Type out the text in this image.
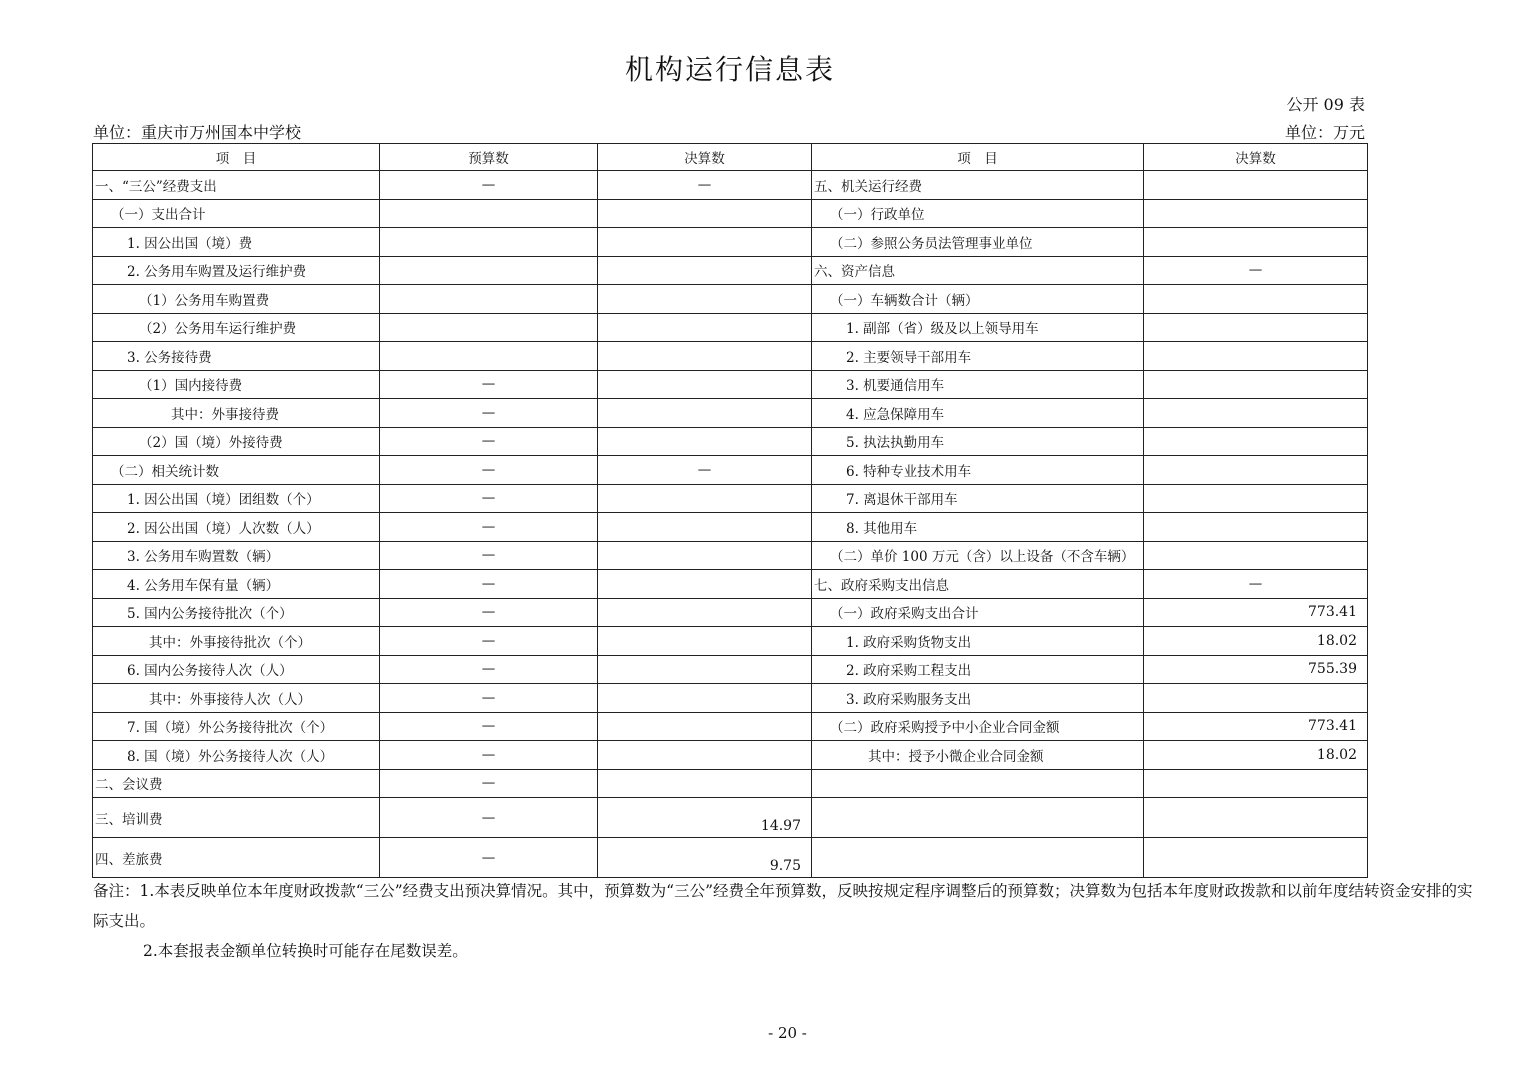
机构运行信息表
公开 09 表
单位：重庆市万州国本中学校	单位：万元
项　目	预算数	决算数	项　目	决算数
一、“三公”经费支出	—	—	五、机关运行经费	
（一）支出合计			（一）行政单位	
1. 因公出国（境）费			（二）参照公务员法管理事业单位	
2. 公务用车购置及运行维护费			六、资产信息	—
（1）公务用车购置费			（一）车辆数合计（辆）	
（2）公务用车运行维护费			1. 副部（省）级及以上领导用车	
3. 公务接待费			2. 主要领导干部用车	
（1）国内接待费	—		3. 机要通信用车	
其中：外事接待费	—		4. 应急保障用车	
（2）国（境）外接待费	—		5. 执法执勤用车	
（二）相关统计数	—	—	6. 特种专业技术用车	
1. 因公出国（境）团组数（个）	—		7. 离退休干部用车	
2. 因公出国（境）人次数（人）	—		8. 其他用车	
3. 公务用车购置数（辆）	—		（二）单价 100 万元（含）以上设备（不含车辆）	
4. 公务用车保有量（辆）	—		七、政府采购支出信息	—
5. 国内公务接待批次（个）	—		（一）政府采购支出合计	773.41
其中：外事接待批次（个）	—		1. 政府采购货物支出	18.02
6. 国内公务接待人次（人）	—		2. 政府采购工程支出	755.39
其中：外事接待人次（人）	—		3. 政府采购服务支出	
7. 国（境）外公务接待批次（个）	—		（二）政府采购授予中小企业合同金额	773.41
8. 国（境）外公务接待人次（人）	—		其中：授予小微企业合同金额	18.02
二、会议费	—			
三、培训费	—	14.97		
四、差旅费	—	9.75		
备注：1.本表反映单位本年度财政拨款“三公”经费支出预决算情况。其中，预算数为“三公”经费全年预算数，反映按规定程序调整后的预算数；决算数为包括本年度财政拨款和以前年度结转资金安排的实际支出。
2.本套报表金额单位转换时可能存在尾数误差。
- 20 -
